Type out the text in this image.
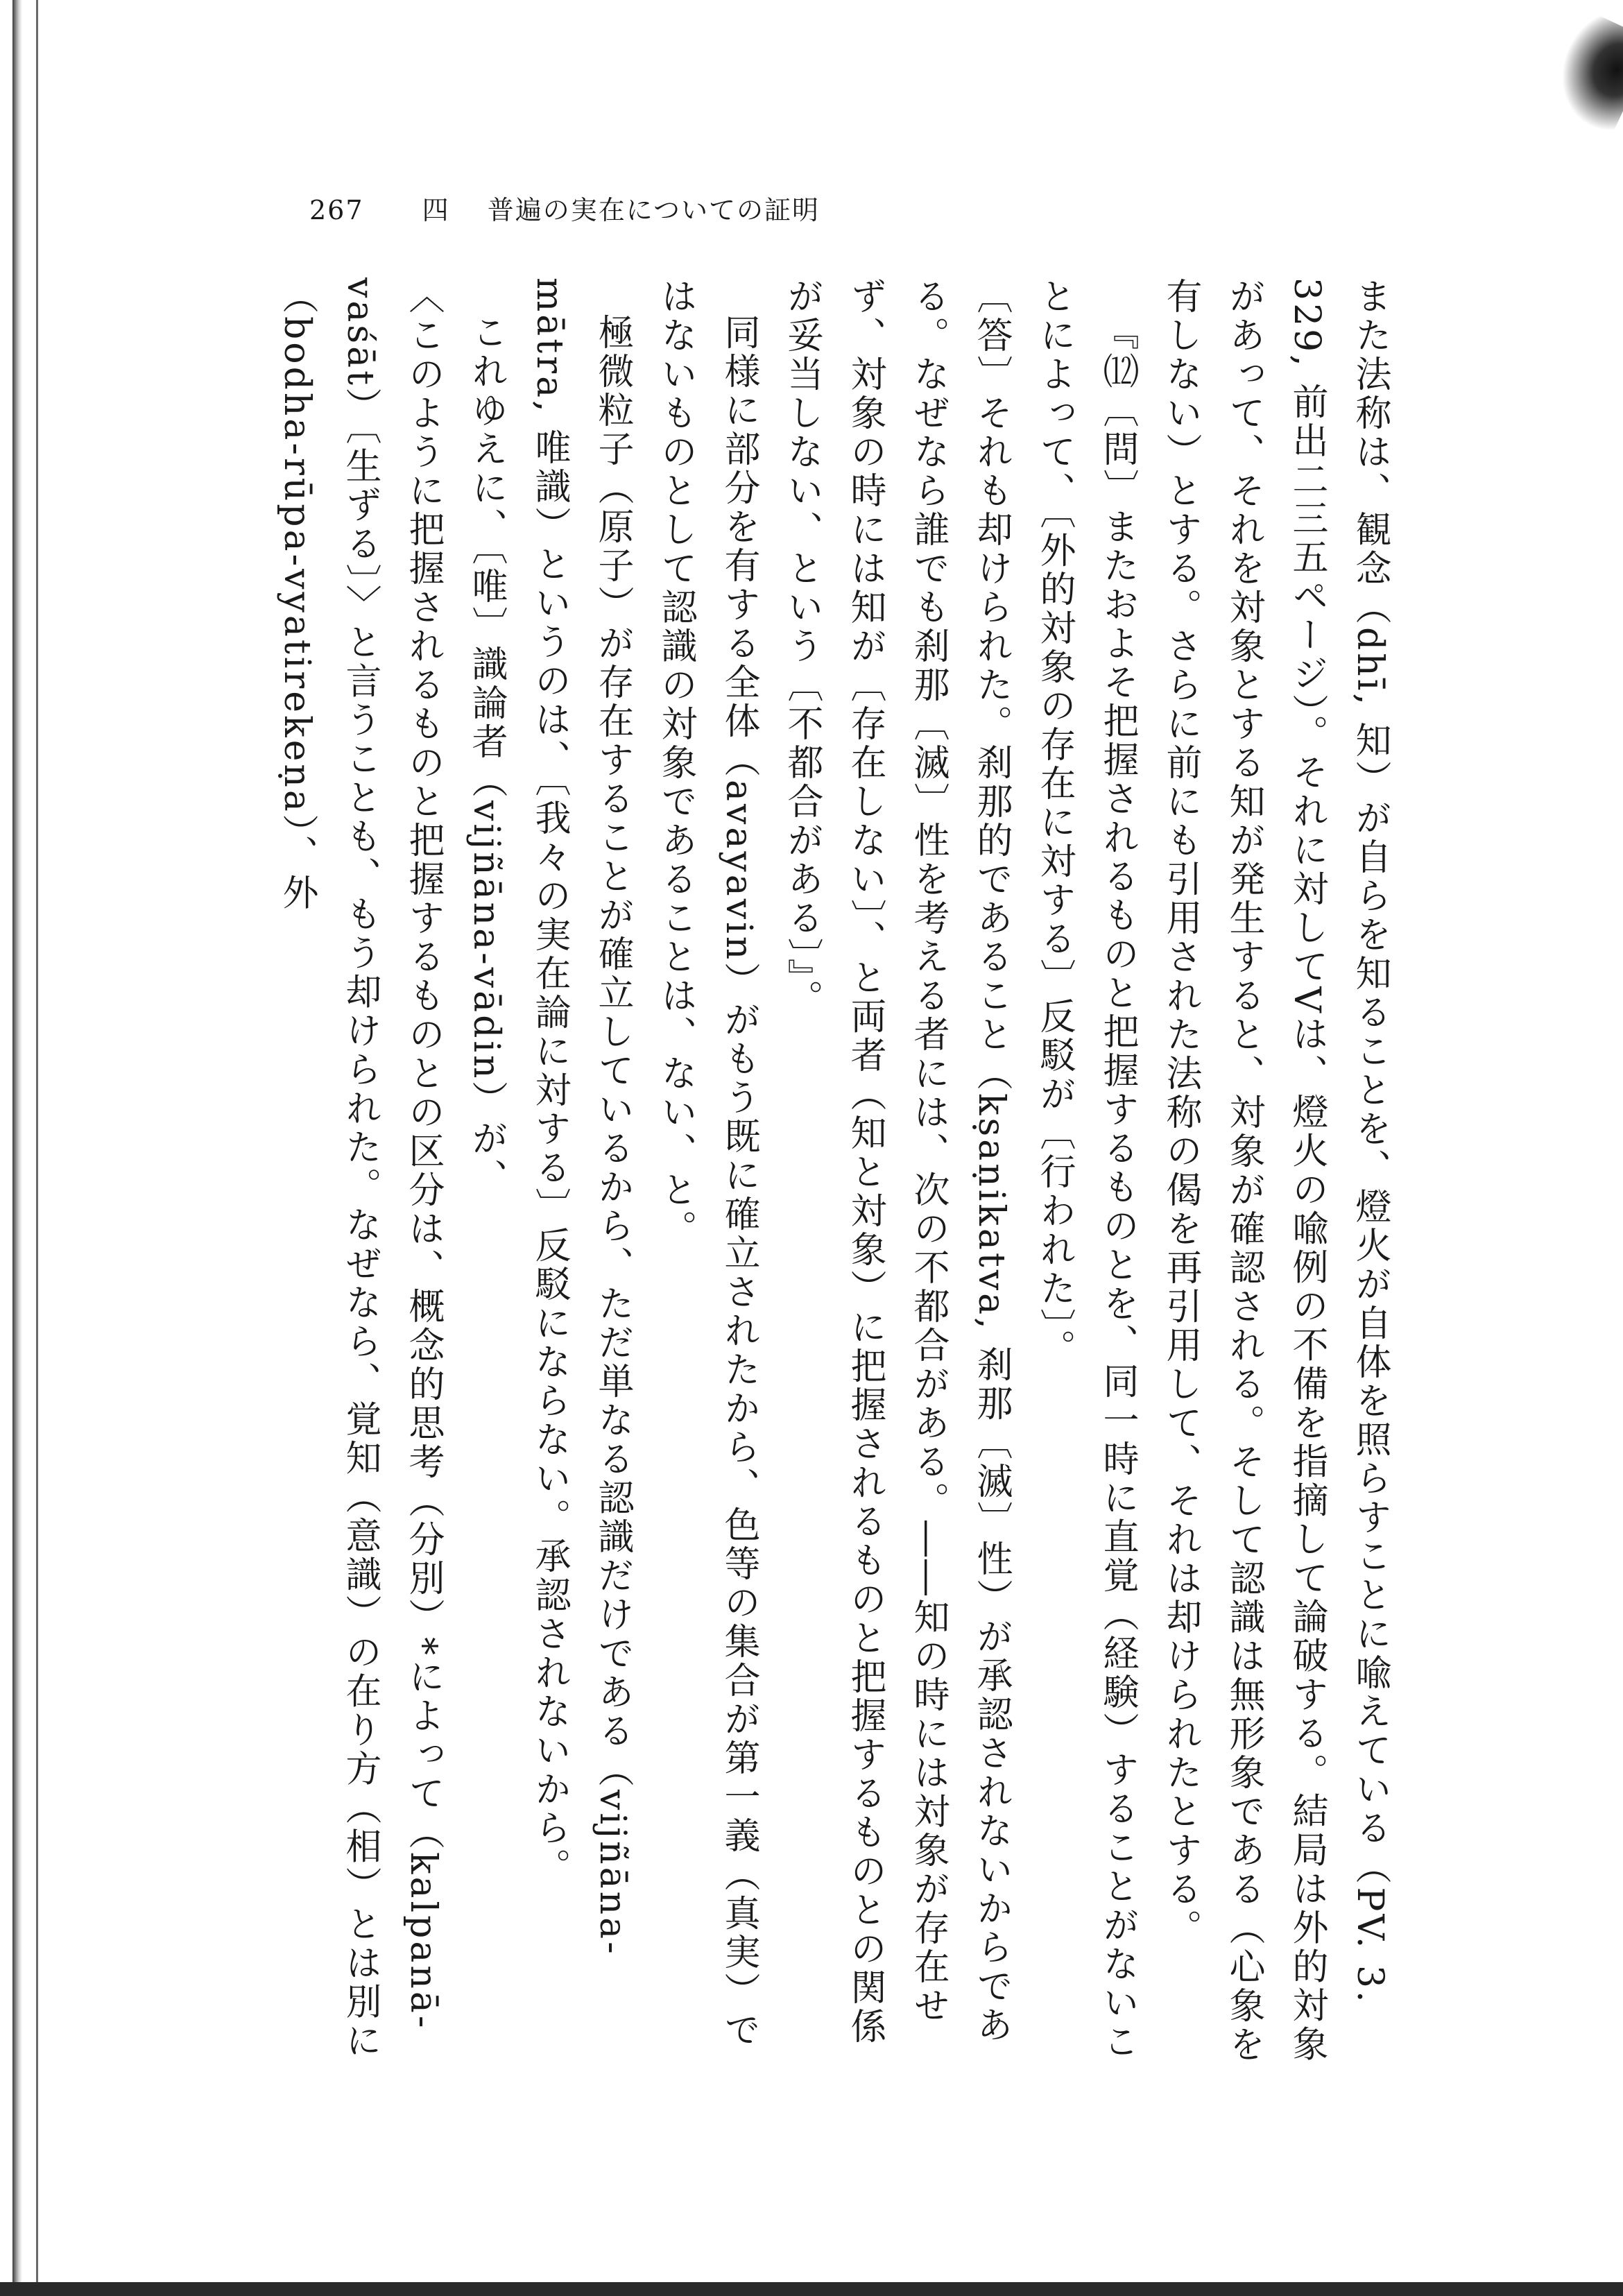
267 四 普遍の実在についての証明

また法称は、観念（dhī, 知）が自らを知ることを、燈火が自体を照らすことに喩えている（PV. 3. 329, 前出二三五ページ）。それに対してVは、燈火の喩例の不備を指摘して論破する。結局は外的対象があって、それを対象とする知が発生すると、対象が確認される。そして認識は無形象である（心象を有しない）とする。さらに前にも引用された法称の偈を再引用して、それは却けられたとする。

『⑿〔問〕またおよそ把握されるものと把握するものとを、同一時に直覚（経験）することがないことによって、〔外的対象の存在に対する〕反駁が〔行われた〕。

〔答〕それも却けられた。刹那的であること（kṣaṇikatva, 刹那〔滅〕性）が承認されないからである。なぜなら誰でも刹那〔滅〕性を考える者には、次の不都合がある。――知の時には対象が存在せず、対象の時には知が〔存在しない〕、と両者（知と対象）に把握されるものと把握するものとの関係が妥当しない、という〔不都合がある〕』。

同様に部分を有する全体（avayavin）がもう既に確立されたから、色等の集合が第一義（真実）ではないものとして認識の対象であることは、ない、と。

極微粒子（原子）が存在することが確立しているから、ただ単なる認識だけである（vijñāna-mātra, 唯識）というのは、〔我々の実在論に対する〕反駁にならない。承認されないから。

これゆえに、〔唯〕識論者（vijñāna-vādin）が、

〈このように把握されるものと把握するものとの区分は、概念的思考（分別）*によって（kalpanā-vaśāt）〔生ずる〕〉と言うことも、もう却けられた。なぜなら、覚知（意識）の在り方（相）とは別に（bodha-rūpa-vyatirekeṇa）、外
